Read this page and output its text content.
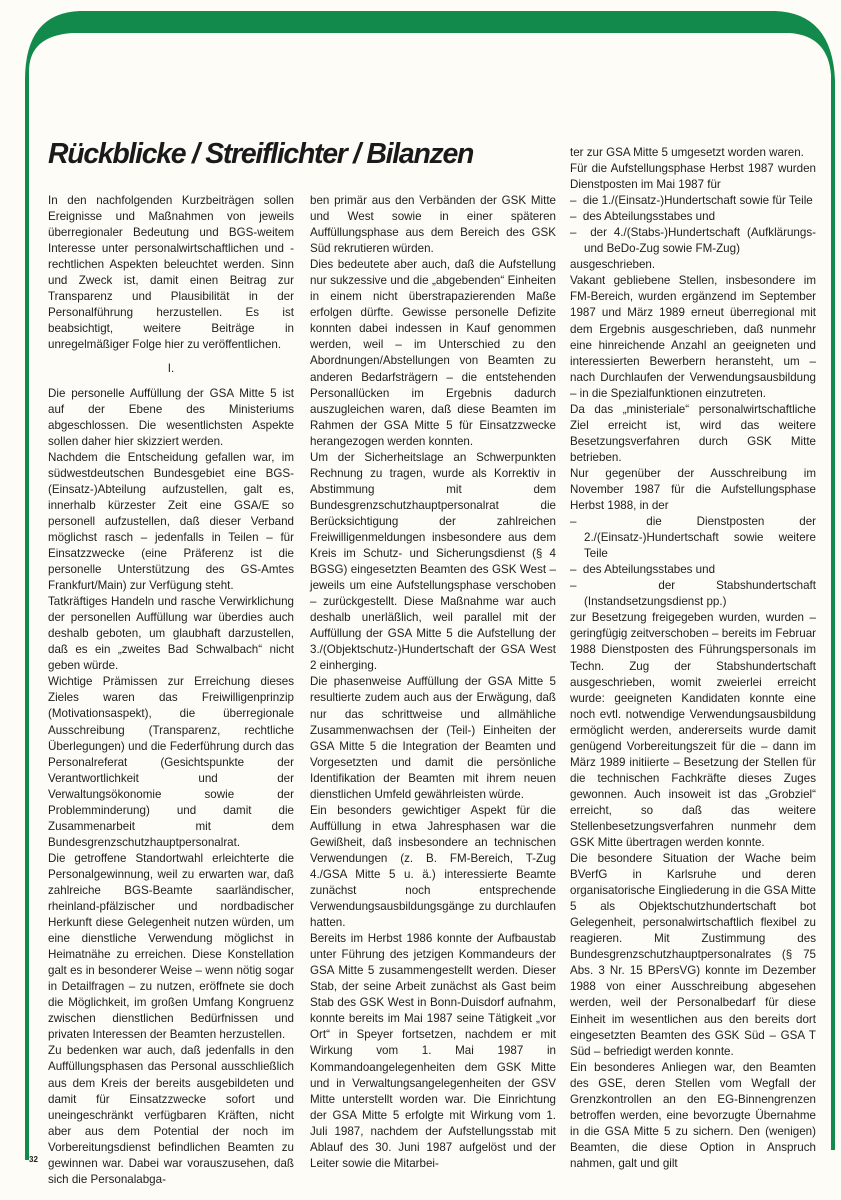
Rückblicke / Streiflichter / Bilanzen

In den nachfolgenden Kurzbeiträgen sollen Ereignisse und Maßnahmen von jeweils überregionaler Bedeutung und BGS-weitem Interesse unter personalwirtschaftlichen und -rechtlichen Aspekten beleuchtet werden. Sinn und Zweck ist, damit einen Beitrag zur Transparenz und Plausibilität in der Personalführung herzustellen. Es ist beabsichtigt, weitere Beiträge in unregelmäßiger Folge hier zu veröffentlichen.

I.

Die personelle Auffüllung der GSA Mitte 5 ist auf der Ebene des Ministeriums abgeschlossen. Die wesentlichsten Aspekte sollen daher hier skizziert werden.

Nachdem die Entscheidung gefallen war, im südwestdeutschen Bundesgebiet eine BGS-(Einsatz-)Abteilung aufzustellen, galt es, innerhalb kürzester Zeit eine GSA/E so personell aufzustellen, daß dieser Verband möglichst rasch – jedenfalls in Teilen – für Einsatzzwecke (eine Präferenz ist die personelle Unterstützung des GS-Amtes Frankfurt/Main) zur Verfügung steht.

Tatkräftiges Handeln und rasche Verwirklichung der personellen Auffüllung war überdies auch deshalb geboten, um glaubhaft darzustellen, daß es ein „zweites Bad Schwalbach“ nicht geben würde.

Wichtige Prämissen zur Erreichung dieses Zieles waren das Freiwilligenprinzip (Motivationsaspekt), die überregionale Ausschreibung (Transparenz, rechtliche Überlegungen) und die Federführung durch das Personalreferat (Gesichtspunkte der Verantwortlichkeit und der Verwaltungsökonomie sowie der Problemminderung) und damit die Zusammenarbeit mit dem Bundesgrenzschutzhauptpersonalrat.

Die getroffene Standortwahl erleichterte die Personalgewinnung, weil zu erwarten war, daß zahlreiche BGS-Beamte saarländischer, rheinland-pfälzischer und nordbadischer Herkunft diese Gelegenheit nutzen würden, um eine dienstliche Verwendung möglichst in Heimatnähe zu erreichen. Diese Konstellation galt es in besonderer Weise – wenn nötig sogar in Detailfragen – zu nutzen, eröffnete sie doch die Möglichkeit, im großen Umfang Kongruenz zwischen dienstlichen Bedürfnissen und privaten Interessen der Beamten herzustellen.

Zu bedenken war auch, daß jedenfalls in den Auffüllungsphasen das Personal ausschließlich aus dem Kreis der bereits ausgebildeten und damit für Einsatzzwecke sofort und uneingeschränkt verfügbaren Kräften, nicht aber aus dem Potential der noch im Vorbereitungsdienst befindlichen Beamten zu gewinnen war. Dabei war vorauszusehen, daß sich die Personalabga-

ben primär aus den Verbänden der GSK Mitte und West sowie in einer späteren Auffüllungsphase aus dem Bereich des GSK Süd rekrutieren würden.

Dies bedeutete aber auch, daß die Aufstellung nur sukzessive und die „abgebenden“ Einheiten in einem nicht überstrapazierenden Maße erfolgen dürfte. Gewisse personelle Defizite konnten dabei indessen in Kauf genommen werden, weil – im Unterschied zu den Abordnungen/Abstellungen von Beamten zu anderen Bedarfsträgern – die entstehenden Personallücken im Ergebnis dadurch auszugleichen waren, daß diese Beamten im Rahmen der GSA Mitte 5 für Einsatzzwecke herangezogen werden konnten.

Um der Sicherheitslage an Schwerpunkten Rechnung zu tragen, wurde als Korrektiv in Abstimmung mit dem Bundesgrenzschutzhauptpersonalrat die Berücksichtigung der zahlreichen Freiwilligenmeldungen insbesondere aus dem Kreis im Schutz- und Sicherungsdienst (§ 4 BGSG) eingesetzten Beamten des GSK West – jeweils um eine Aufstellungsphase verschoben – zurückgestellt. Diese Maßnahme war auch deshalb unerläßlich, weil parallel mit der Auffüllung der GSA Mitte 5 die Aufstellung der 3./(Objektschutz-)Hundertschaft der GSA West 2 einherging.

Die phasenweise Auffüllung der GSA Mitte 5 resultierte zudem auch aus der Erwägung, daß nur das schrittweise und allmähliche Zusammenwachsen der (Teil-) Einheiten der GSA Mitte 5 die Integration der Beamten und Vorgesetzten und damit die persönliche Identifikation der Beamten mit ihrem neuen dienstlichen Umfeld gewährleisten würde.

Ein besonders gewichtiger Aspekt für die Auffüllung in etwa Jahresphasen war die Gewißheit, daß insbesondere an technischen Verwendungen (z. B. FM-Bereich, T-Zug 4./GSA Mitte 5 u. ä.) interessierte Beamte zunächst noch entsprechende Verwendungsausbildungsgänge zu durchlaufen hatten.

Bereits im Herbst 1986 konnte der Aufbaustab unter Führung des jetzigen Kommandeurs der GSA Mitte 5 zusammengestellt werden. Dieser Stab, der seine Arbeit zunächst als Gast beim Stab des GSK West in Bonn-Duisdorf aufnahm, konnte bereits im Mai 1987 seine Tätigkeit „vor Ort“ in Speyer fortsetzen, nachdem er mit Wirkung vom 1. Mai 1987 in Kommandoangelegenheiten dem GSK Mitte und in Verwaltungsangelegenheiten der GSV Mitte unterstellt worden war. Die Einrichtung der GSA Mitte 5 erfolgte mit Wirkung vom 1. Juli 1987, nachdem der Aufstellungsstab mit Ablauf des 30. Juni 1987 aufgelöst und der Leiter sowie die Mitarbei-

ter zur GSA Mitte 5 umgesetzt worden waren.

Für die Aufstellungsphase Herbst 1987 wurden Dienstposten im Mai 1987 für

–  die 1./(Einsatz-)Hundertschaft sowie für Teile
–  des Abteilungsstabes und
–  der 4./(Stabs-)Hundertschaft (Aufklärungs- und BeDo-Zug sowie FM-Zug)

ausgeschrieben.

Vakant gebliebene Stellen, insbesondere im FM-Bereich, wurden ergänzend im September 1987 und März 1989 erneut überregional mit dem Ergebnis ausgeschrieben, daß nunmehr eine hinreichende Anzahl an geeigneten und interessierten Bewerbern heransteht, um – nach Durchlaufen der Verwendungsausbildung – in die Spezialfunktionen einzutreten.

Da das „ministeriale“ personalwirtschaftliche Ziel erreicht ist, wird das weitere Besetzungsverfahren durch GSK Mitte betrieben.

Nur gegenüber der Ausschreibung im November 1987 für die Aufstellungsphase Herbst 1988, in der

–  die Dienstposten der 2./(Einsatz-)Hundertschaft sowie weitere Teile
–  des Abteilungsstabes und
–  der Stabshundertschaft (Instandsetzungsdienst pp.)

zur Besetzung freigegeben wurden, wurden – geringfügig zeitverschoben – bereits im Februar 1988 Dienstposten des Führungspersonals im Techn. Zug der Stabshundertschaft ausgeschrieben, womit zweierlei erreicht wurde: geeigneten Kandidaten konnte eine noch evtl. notwendige Verwendungsausbildung ermöglicht werden, andererseits wurde damit genügend Vorbereitungszeit für die – dann im März 1989 initiierte – Besetzung der Stellen für die technischen Fachkräfte dieses Zuges gewonnen. Auch insoweit ist das „Grobziel“ erreicht, so daß das weitere Stellenbesetzungsverfahren nunmehr dem GSK Mitte übertragen werden konnte.

Die besondere Situation der Wache beim BVerfG in Karlsruhe und deren organisatorische Eingliederung in die GSA Mitte 5 als Objektschutzhundertschaft bot Gelegenheit, personalwirtschaftlich flexibel zu reagieren. Mit Zustimmung des Bundesgrenzschutzhauptpersonalrates (§ 75 Abs. 3 Nr. 15 BPersVG) konnte im Dezember 1988 von einer Ausschreibung abgesehen werden, weil der Personalbedarf für diese Einheit im wesentlichen aus den bereits dort eingesetzten Beamten des GSK Süd – GSA T Süd – befriedigt werden konnte.

Ein besonderes Anliegen war, den Beamten des GSE, deren Stellen vom Wegfall der Grenzkontrollen an den EG-Binnengrenzen betroffen werden, eine bevorzugte Übernahme in die GSA Mitte 5 zu sichern. Den (wenigen) Beamten, die diese Option in Anspruch nahmen, galt und gilt

32
